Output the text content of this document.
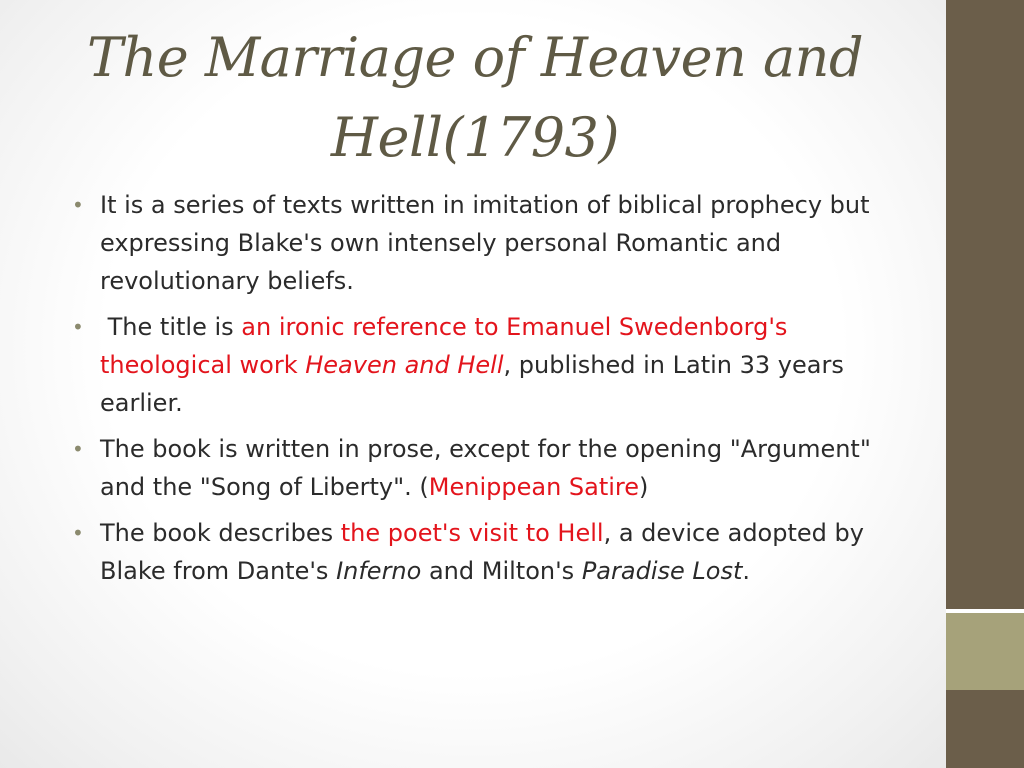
The Marriage of Heaven and
Hell(1793)
• It is a series of texts written in imitation of biblical prophecy but expressing Blake's own intensely personal Romantic and revolutionary beliefs.
• The title is an ironic reference to Emanuel Swedenborg's theological work Heaven and Hell, published in Latin 33 years earlier.
• The book is written in prose, except for the opening "Argument" and the "Song of Liberty". (Menippean Satire)
• The book describes the poet's visit to Hell, a device adopted by Blake from Dante's Inferno and Milton's Paradise Lost.
